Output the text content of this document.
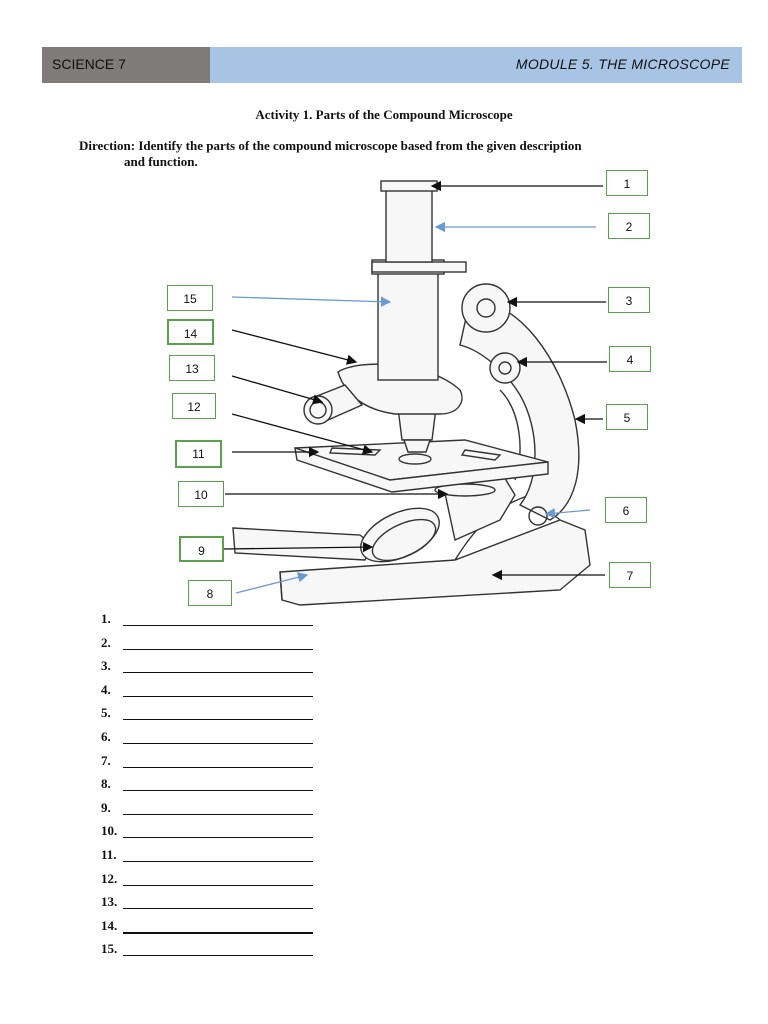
SCIENCE 7	MODULE 5. THE MICROSCOPE
Activity 1. Parts of the Compound Microscope
Direction: Identify the parts of the compound microscope based from the given description
and function.
1
2
3
4
5
6
7
8
9
10
11
12
13
14
15
1.
2.
3.
4.
5.
6.
7.
8.
9.
10.
11.
12.
13.
14.
15.
